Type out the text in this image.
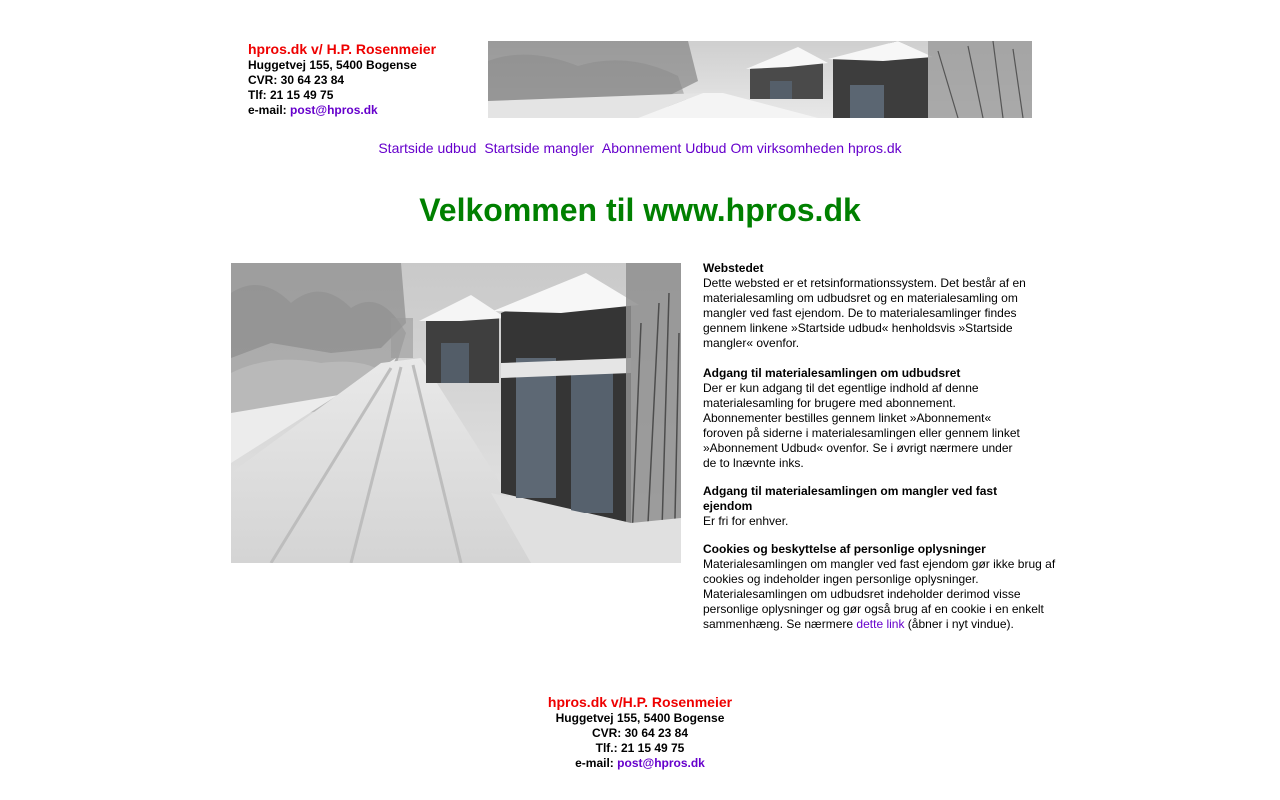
hpros.dk v/ H.P. Rosenmeier
Huggetvej 155, 5400 Bogense
CVR: 30 64 23 84
Tlf: 21 15 49 75
e-mail: post@hpros.dk
Startside udbud Startside mangler Abonnement Udbud Om virksomheden hpros.dk
Velkommen til www.hpros.dk
Webstedet

Dette websted er et retsinformationssystem. Det består af en materialesamling om udbudsret og en materialesamling om mangler ved fast ejendom. De to materialesamlinger findes gennem linkene »Startside udbud« henholdsvis »Startside mangler« ovenfor.

Adgang til materialesamlingen om udbudsret

Der er kun adgang til det egentlige indhold af denne materialesamling for brugere med abonnement. Abonnementer bestilles gennem linket »Abonnement« foroven på siderne i materialesamlingen eller gennem linket »Abonnement Udbud« ovenfor. Se i øvrigt nærmere under de to lnævnte inks.

Adgang til materialesamlingen om mangler ved fast ejendom

Er fri for enhver.

Cookies og beskyttelse af personlige oplysninger

Materialesamlingen om mangler ved fast ejendom gør ikke brug af cookies og indeholder ingen personlige oplysninger. Materialesamlingen om udbudsret indeholder derimod visse personlige oplysninger og gør også brug af en cookie i en enkelt sammenhæng. Se nærmere dette link (åbner i nyt vindue).

hpros.dk v/H.P. Rosenmeier
Huggetvej 155, 5400 Bogense
CVR: 30 64 23 84
Tlf.: 21 15 49 75
e-mail: post@hpros.dk
